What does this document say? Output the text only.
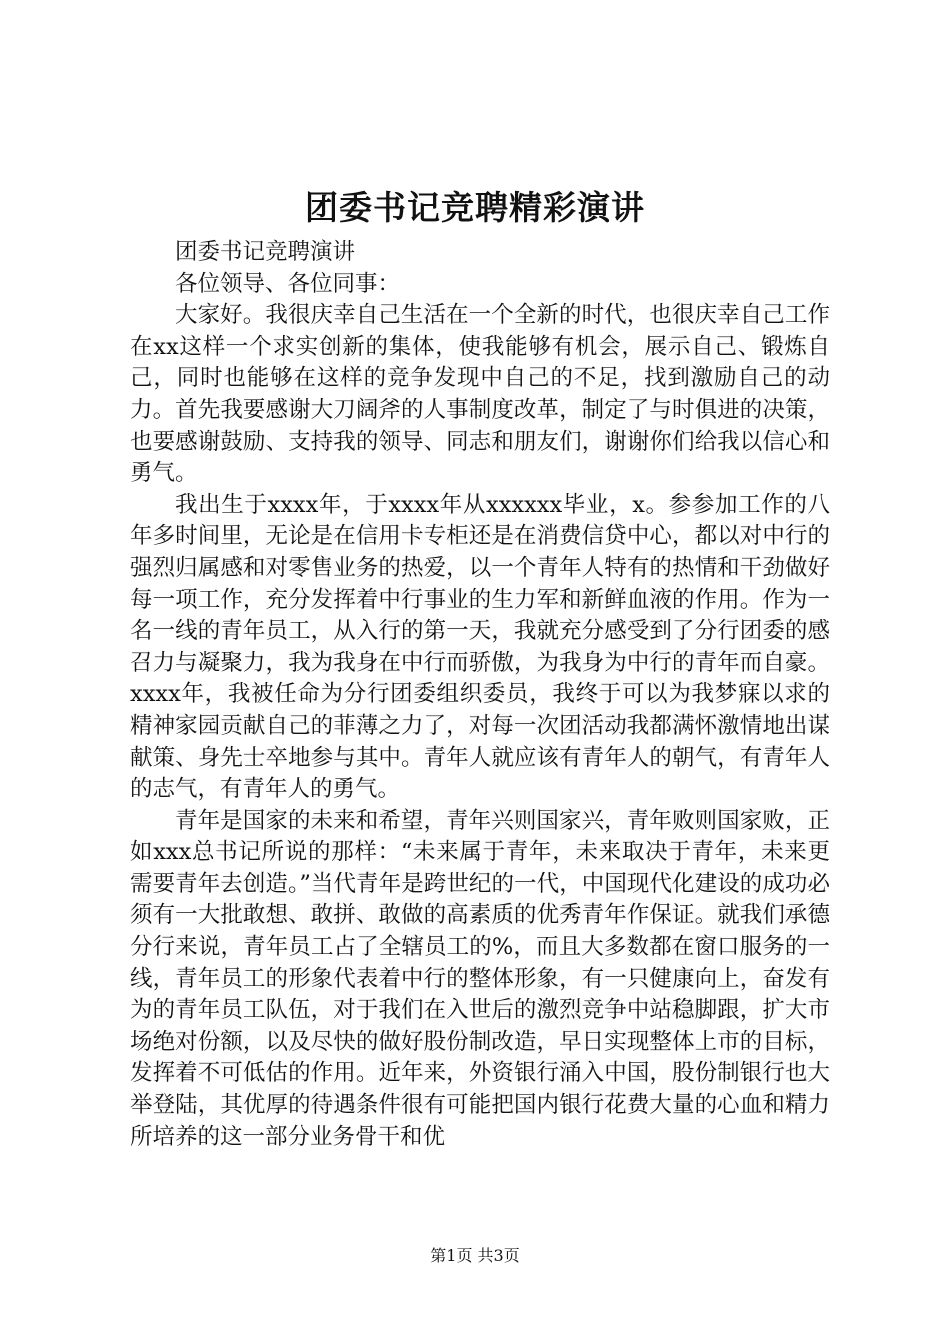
团委书记竞聘精彩演讲

团委书记竞聘演讲

各位领导、各位同事：

大家好。我很庆幸自己生活在一个全新的时代，也很庆幸自己工作在xx这样一个求实创新的集体，使我能够有机会，展示自己、锻炼自己，同时也能够在这样的竞争发现中自己的不足，找到激励自己的动力。首先我要感谢大刀阔斧的人事制度改革，制定了与时俱进的决策，也要感谢鼓励、支持我的领导、同志和朋友们，谢谢你们给我以信心和勇气。

我出生于xxxx年，于xxxx年从xxxxxx毕业，x。参参加工作的八年多时间里，无论是在信用卡专柜还是在消费信贷中心，都以对中行的强烈归属感和对零售业务的热爱，以一个青年人特有的热情和干劲做好每一项工作，充分发挥着中行事业的生力军和新鲜血液的作用。作为一名一线的青年员工，从入行的第一天，我就充分感受到了分行团委的感召力与凝聚力，我为我身在中行而骄傲，为我身为中行的青年而自豪。xxxx年，我被任命为分行团委组织委员，我终于可以为我梦寐以求的精神家园贡献自己的菲薄之力了，对每一次团活动我都满怀激情地出谋献策、身先士卒地参与其中。青年人就应该有青年人的朝气，有青年人的志气，有青年人的勇气。

青年是国家的未来和希望，青年兴则国家兴，青年败则国家败，正如xxx总书记所说的那样：“未来属于青年，未来取决于青年，未来更需要青年去创造。”当代青年是跨世纪的一代，中国现代化建设的成功必须有一大批敢想、敢拼、敢做的高素质的优秀青年作保证。就我们承德分行来说，青年员工占了全辖员工的%，而且大多数都在窗口服务的一线，青年员工的形象代表着中行的整体形象，有一只健康向上，奋发有为的青年员工队伍，对于我们在入世后的激烈竞争中站稳脚跟，扩大市场绝对份额，以及尽快的做好股份制改造，早日实现整体上市的目标，发挥着不可低估的作用。近年来，外资银行涌入中国，股份制银行也大举登陆，其优厚的待遇条件很有可能把国内银行花费大量的心血和精力所培养的这一部分业务骨干和优

第1页 共3页
